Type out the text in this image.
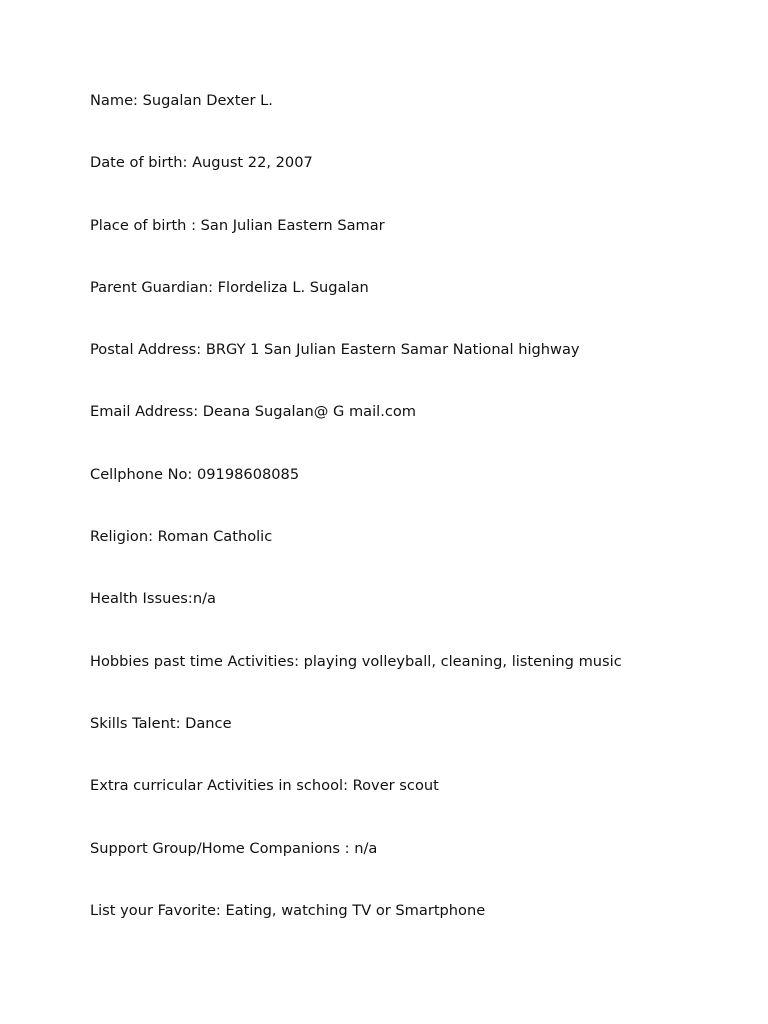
Name: Sugalan Dexter L.
Date of birth: August 22, 2007
Place of birth : San Julian Eastern Samar
Parent Guardian: Flordeliza L. Sugalan
Postal Address: BRGY 1 San Julian Eastern Samar National highway
Email Address: Deana Sugalan@ G mail.com
Cellphone No: 09198608085
Religion: Roman Catholic
Health Issues:n/a
Hobbies past time Activities: playing volleyball, cleaning, listening music
Skills Talent: Dance
Extra curricular Activities in school: Rover scout
Support Group/Home Companions : n/a
List your Favorite: Eating, watching TV or Smartphone
